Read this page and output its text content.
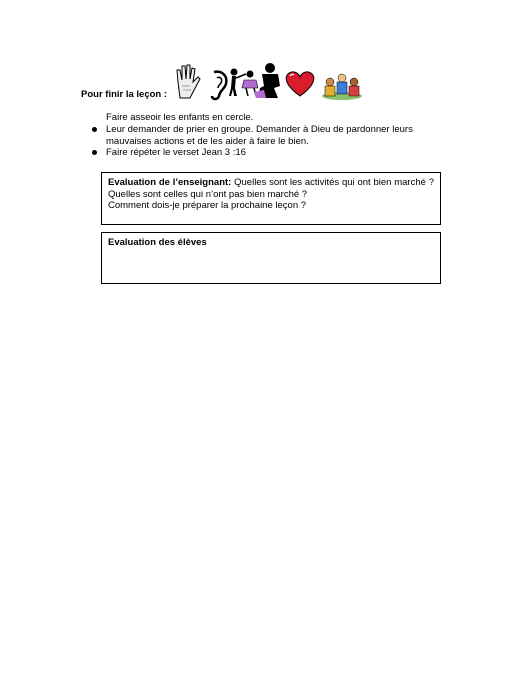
Pour finir la leçon :
Faire asseoir les enfants en cercle.
Leur demander de prier en groupe. Demander à Dieu de pardonner leurs mauvaises actions et de les aider à faire le bien.
Faire répéter le verset Jean 3 :16
Evaluation de l’enseignant: Quelles sont les activités qui ont bien marché ? Quelles sont celles qui n’ont pas bien marché ?
Comment dois-je préparer la prochaine leçon ?
Evaluation des élèves
